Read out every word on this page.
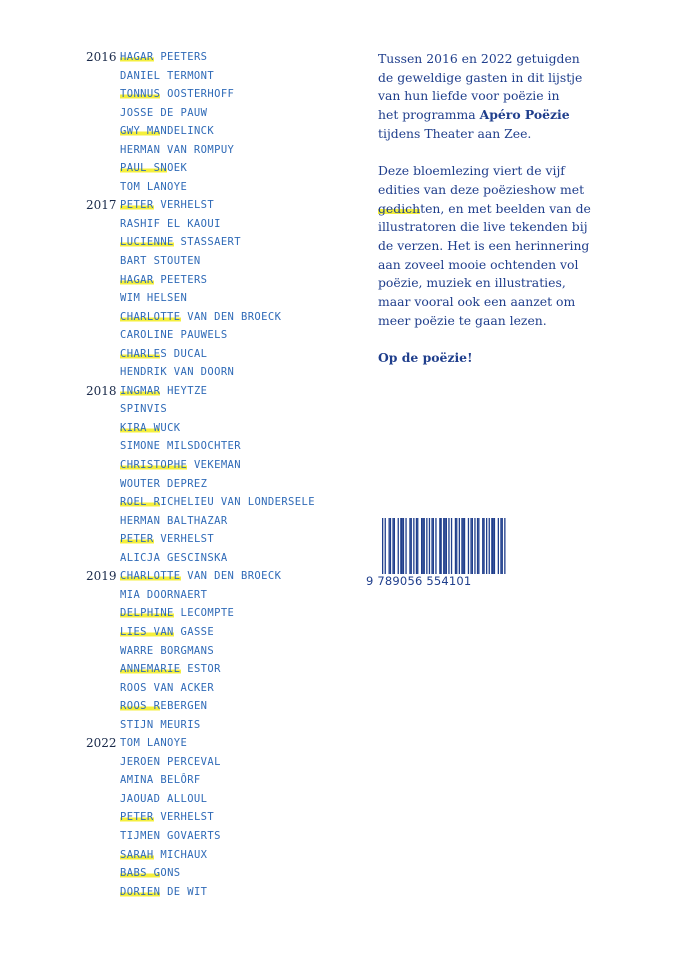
2016 HAGAR PEETERS
DANIEL TERMONT
TONNUS OOSTERHOFF
JOSSE DE PAUW
GWY MANDELINCK
HERMAN VAN ROMPUY
PAUL SNOEK
TOM LANOYE
2017 PETER VERHELST
RASHIF EL KAOUI
LUCIENNE STASSAERT
BART STOUTEN
HAGAR PEETERS
WIM HELSEN
CHARLOTTE VAN DEN BROECK
CAROLINE PAUWELS
CHARLES DUCAL
HENDRIK VAN DOORN
2018 INGMAR HEYTZE
SPINVIS
KIRA WUCK
SIMONE MILSDOCHTER
CHRISTOPHE VEKEMAN
WOUTER DEPREZ
ROEL RICHELIEU VAN LONDERSELE
HERMAN BALTHAZAR
PETER VERHELST
ALICJA GESCINSKA
2019 CHARLOTTE VAN DEN BROECK
MIA DOORNAERT
DELPHINE LECOMPTE
LIES VAN GASSE
WARRE BORGMANS
ANNEMARIE ESTOR
ROOS VAN ACKER
ROOS REBERGEN
STIJN MEURIS
2022 TOM LANOYE
JEROEN PERCEVAL
AMINA BELÔRF
JAOUAD ALLOUL
PETER VERHELST
TIJMEN GOVAERTS
SARAH MICHAUX
BABS GONS
DORIEN DE WIT

Tussen 2016 en 2022 getuigden
de geweldige gasten in dit lijstje
van hun liefde voor poëzie in
het programma Apéro Poëzie
tijdens Theater aan Zee.

Deze bloemlezing viert de vijf
edities van deze poëzieshow met
gedichten, en met beelden van de
illustratoren die live tekenden bij
de verzen. Het is een herinnering
aan zoveel mooie ochtenden vol
poëzie, muziek en illustraties,
maar vooral ook een aanzet om
meer poëzie te gaan lezen.

Op de poëzie!

9 789056 554101
